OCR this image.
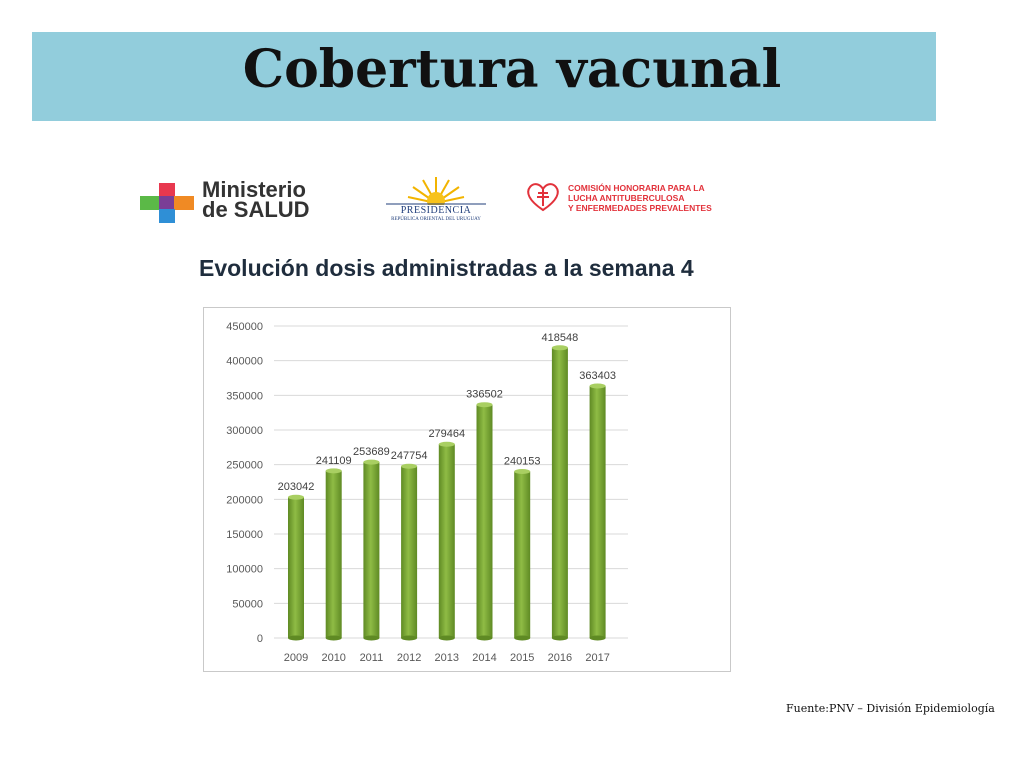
Cobertura vacunal
Ministerio
de SALUD	PRESIDENCIA
REPÚBLICA ORIENTAL DEL URUGUAY
COMISIÓN HONORARIA PARA LA
LUCHA ANTITUBERCULOSA
Y ENFERMEDADES PREVALENTES
Evolución dosis administradas a la semana 4
0
50000
100000
150000
200000
250000
300000
350000
400000
450000
203042
241109
253689 247754
279464
336502
240153
418548
363403
2009 2010 2011 2012 2013 2014 2015 2016 2017

Fuente:PNV – División Epidemiología
